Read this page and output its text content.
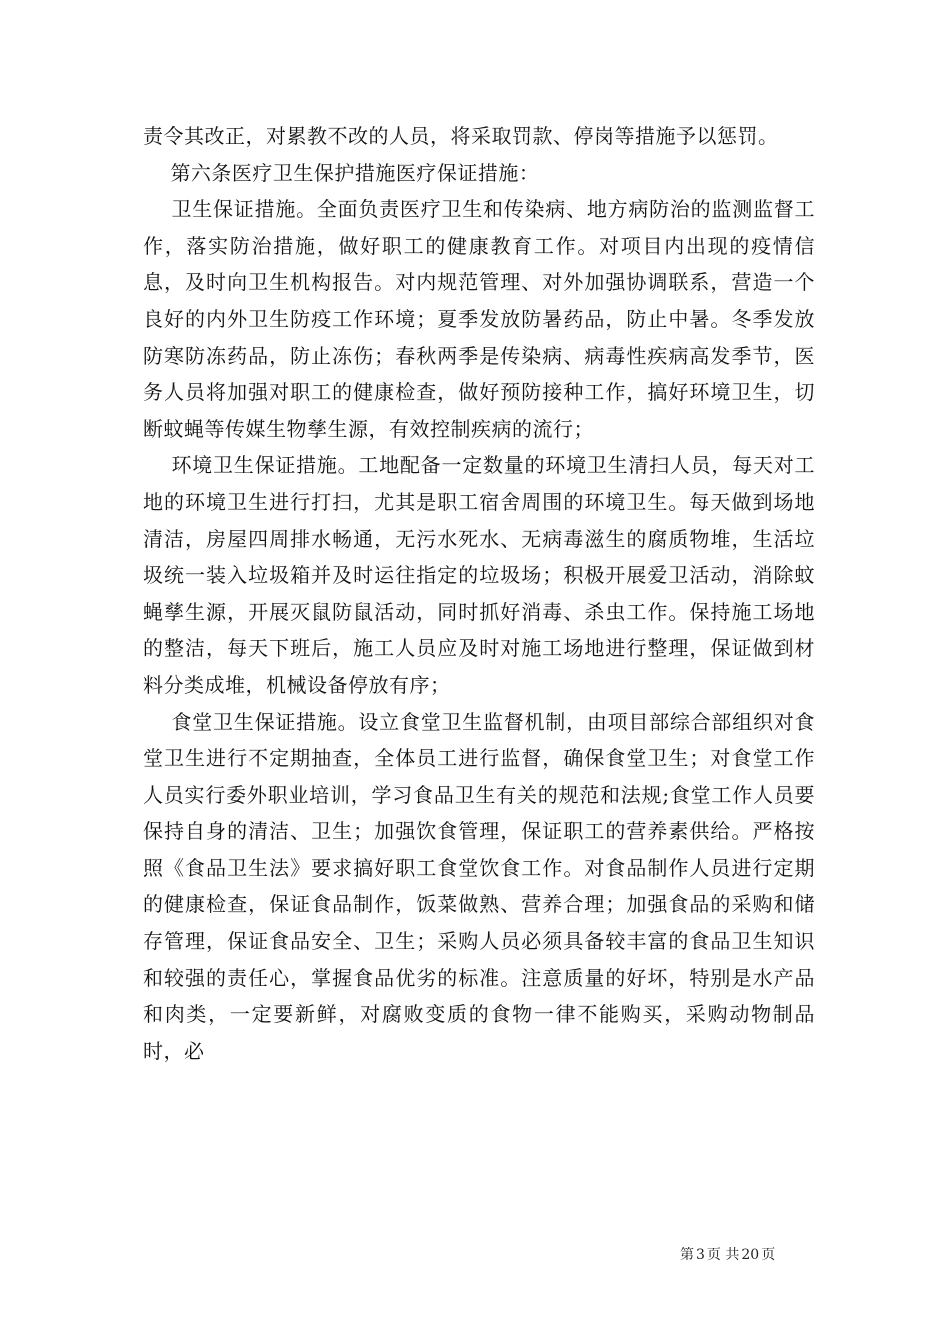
责令其改正，对累教不改的人员，将采取罚款、停岗等措施予以惩罚。

第六条医疗卫生保护措施医疗保证措施：

卫生保证措施。全面负责医疗卫生和传染病、地方病防治的监测监督工作，落实防治措施，做好职工的健康教育工作。对项目内出现的疫情信息，及时向卫生机构报告。对内规范管理、对外加强协调联系，营造一个良好的内外卫生防疫工作环境；夏季发放防暑药品，防止中暑。冬季发放防寒防冻药品，防止冻伤；春秋两季是传染病、病毒性疾病高发季节，医务人员将加强对职工的健康检查，做好预防接种工作，搞好环境卫生，切断蚊蝇等传媒生物孳生源，有效控制疾病的流行；

环境卫生保证措施。工地配备一定数量的环境卫生清扫人员，每天对工地的环境卫生进行打扫，尤其是职工宿舍周围的环境卫生。每天做到场地清洁，房屋四周排水畅通，无污水死水、无病毒滋生的腐质物堆，生活垃圾统一装入垃圾箱并及时运往指定的垃圾场；积极开展爱卫活动，消除蚊蝇孳生源，开展灭鼠防鼠活动，同时抓好消毒、杀虫工作。保持施工场地的整洁，每天下班后，施工人员应及时对施工场地进行整理，保证做到材料分类成堆，机械设备停放有序；

食堂卫生保证措施。设立食堂卫生监督机制，由项目部综合部组织对食堂卫生进行不定期抽查，全体员工进行监督，确保食堂卫生；对食堂工作人员实行委外职业培训，学习食品卫生有关的规范和法规;食堂工作人员要保持自身的清洁、卫生；加强饮食管理，保证职工的营养素供给。严格按照《食品卫生法》要求搞好职工食堂饮食工作。对食品制作人员进行定期的健康检查，保证食品制作，饭菜做熟、营养合理；加强食品的采购和储存管理，保证食品安全、卫生；采购人员必须具备较丰富的食品卫生知识和较强的责任心，掌握食品优劣的标准。注意质量的好坏，特别是水产品和肉类，一定要新鲜，对腐败变质的食物一律不能购买，采购动物制品时，必

第 3 页 共 20 页
